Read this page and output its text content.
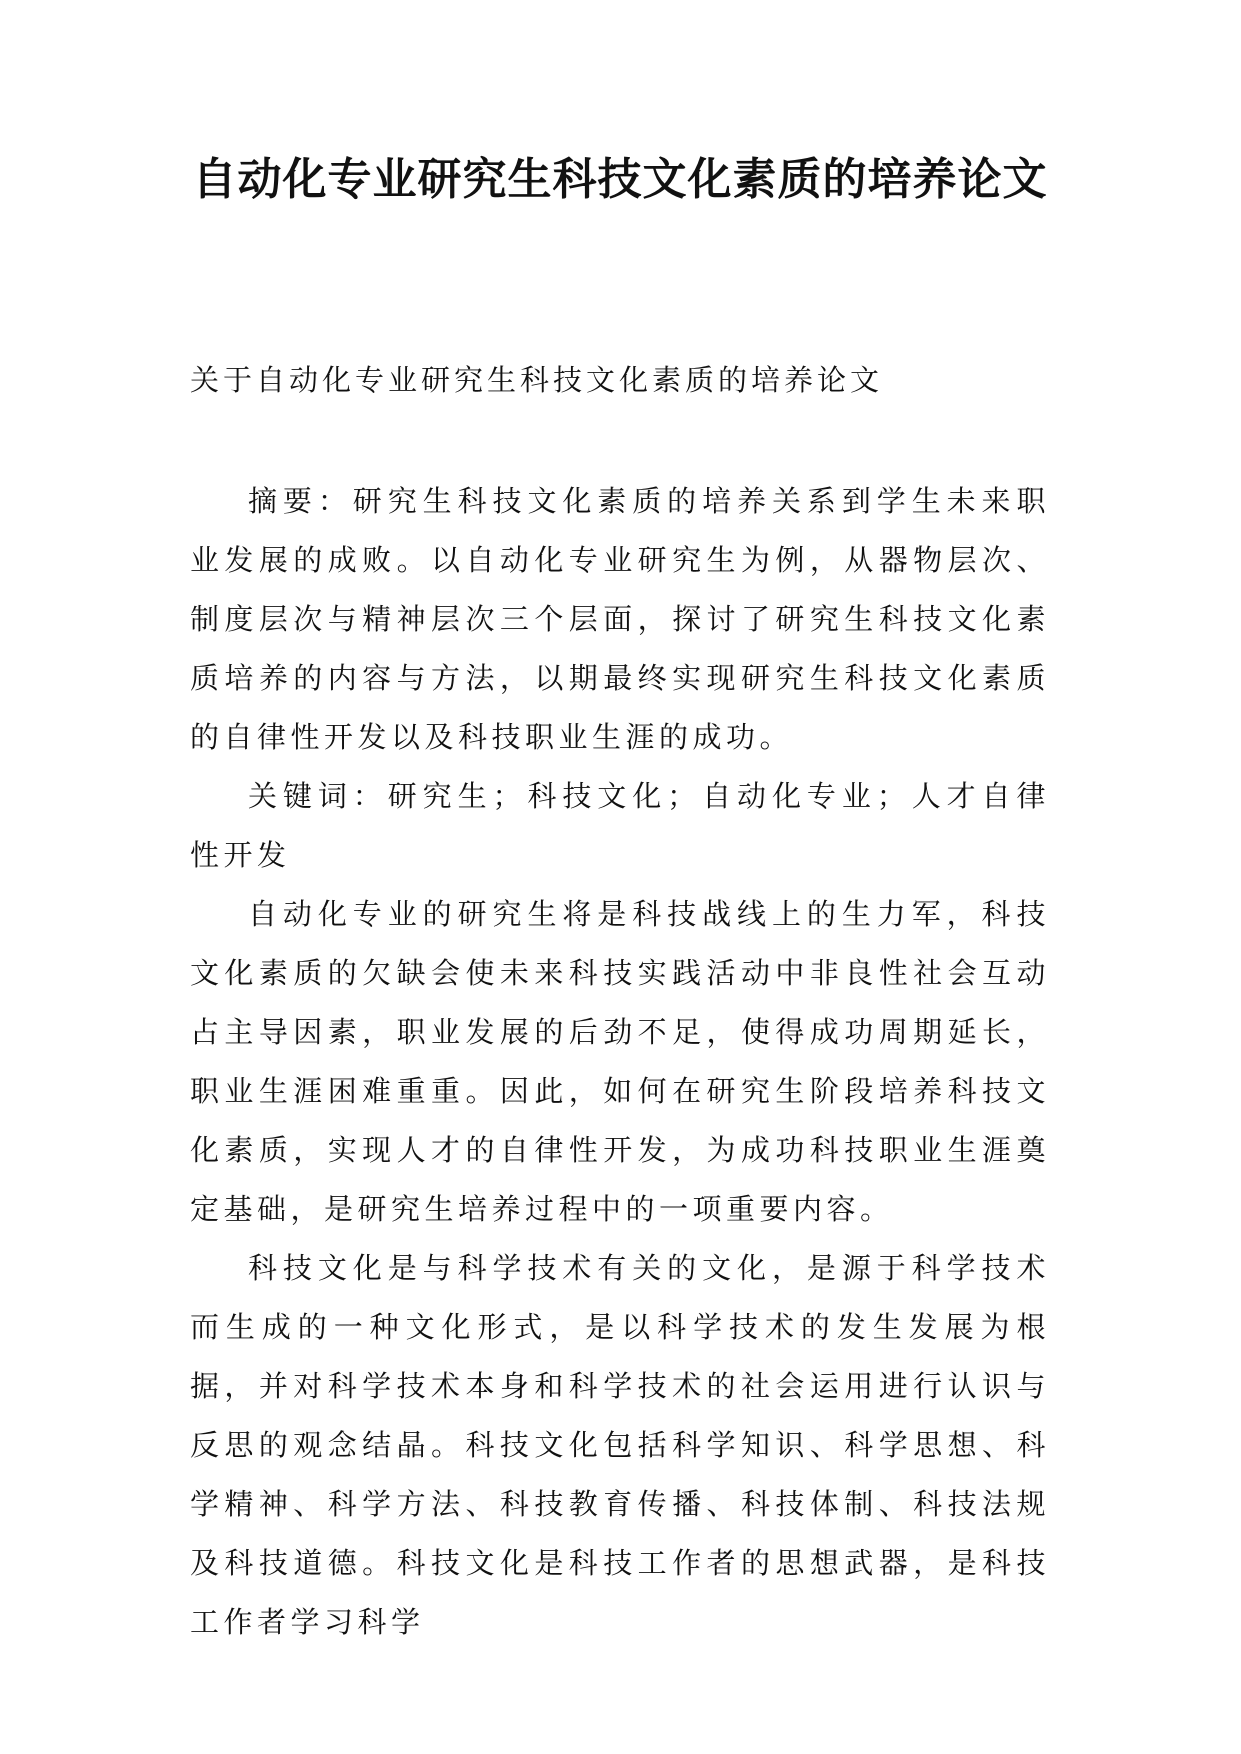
自动化专业研究生科技文化素质的培养论文

关于自动化专业研究生科技文化素质的培养论文

摘要：研究生科技文化素质的培养关系到学生未来职业发展的成败。以自动化专业研究生为例，从器物层次、制度层次与精神层次三个层面，探讨了研究生科技文化素质培养的内容与方法，以期最终实现研究生科技文化素质的自律性开发以及科技职业生涯的成功。

关键词：研究生；科技文化；自动化专业；人才自律性开发

自动化专业的研究生将是科技战线上的生力军，科技文化素质的欠缺会使未来科技实践活动中非良性社会互动占主导因素，职业发展的后劲不足，使得成功周期延长，职业生涯困难重重。因此，如何在研究生阶段培养科技文化素质，实现人才的自律性开发，为成功科技职业生涯奠定基础，是研究生培养过程中的一项重要内容。

科技文化是与科学技术有关的文化，是源于科学技术而生成的一种文化形式，是以科学技术的发生发展为根据，并对科学技术本身和科学技术的社会运用进行认识与反思的观念结晶。科技文化包括科学知识、科学思想、科学精神、科学方法、科技教育传播、科技体制、科技法规及科技道德。科技文化是科技工作者的思想武器，是科技工作者学习科学
